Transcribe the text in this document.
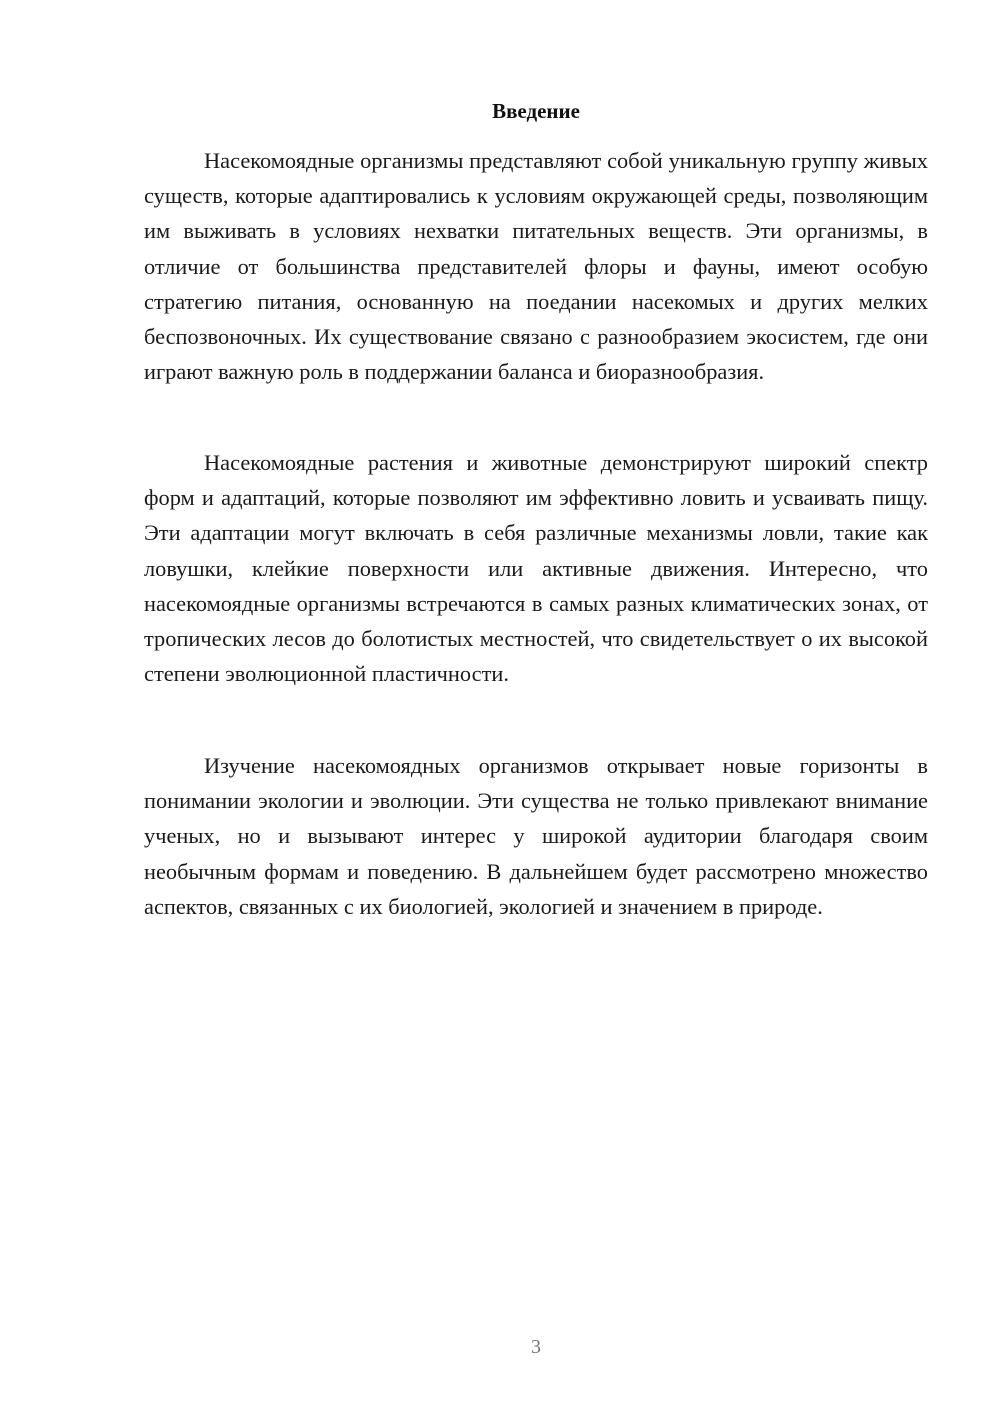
Введение

Насекомоядные организмы представляют собой уникальную группу живых существ, которые адаптировались к условиям окружающей среды, позволяющим им выживать в условиях нехватки питательных веществ. Эти организмы, в отличие от большинства представителей флоры и фауны, имеют особую стратегию питания, основанную на поедании насекомых и других мелких беспозвоночных. Их существование связано с разнообразием экосистем, где они играют важную роль в поддержании баланса и биоразнообразия.

Насекомоядные растения и животные демонстрируют широкий спектр форм и адаптаций, которые позволяют им эффективно ловить и усваивать пищу. Эти адаптации могут включать в себя различные механизмы ловли, такие как ловушки, клейкие поверхности или активные движения. Интересно, что насекомоядные организмы встречаются в самых разных климатических зонах, от тропических лесов до болотистых местностей, что свидетельствует о их высокой степени эволюционной пластичности.

Изучение насекомоядных организмов открывает новые горизонты в понимании экологии и эволюции. Эти существа не только привлекают внимание ученых, но и вызывают интерес у широкой аудитории благодаря своим необычным формам и поведению. В дальнейшем будет рассмотрено множество аспектов, связанных с их биологией, экологией и значением в природе.

3
